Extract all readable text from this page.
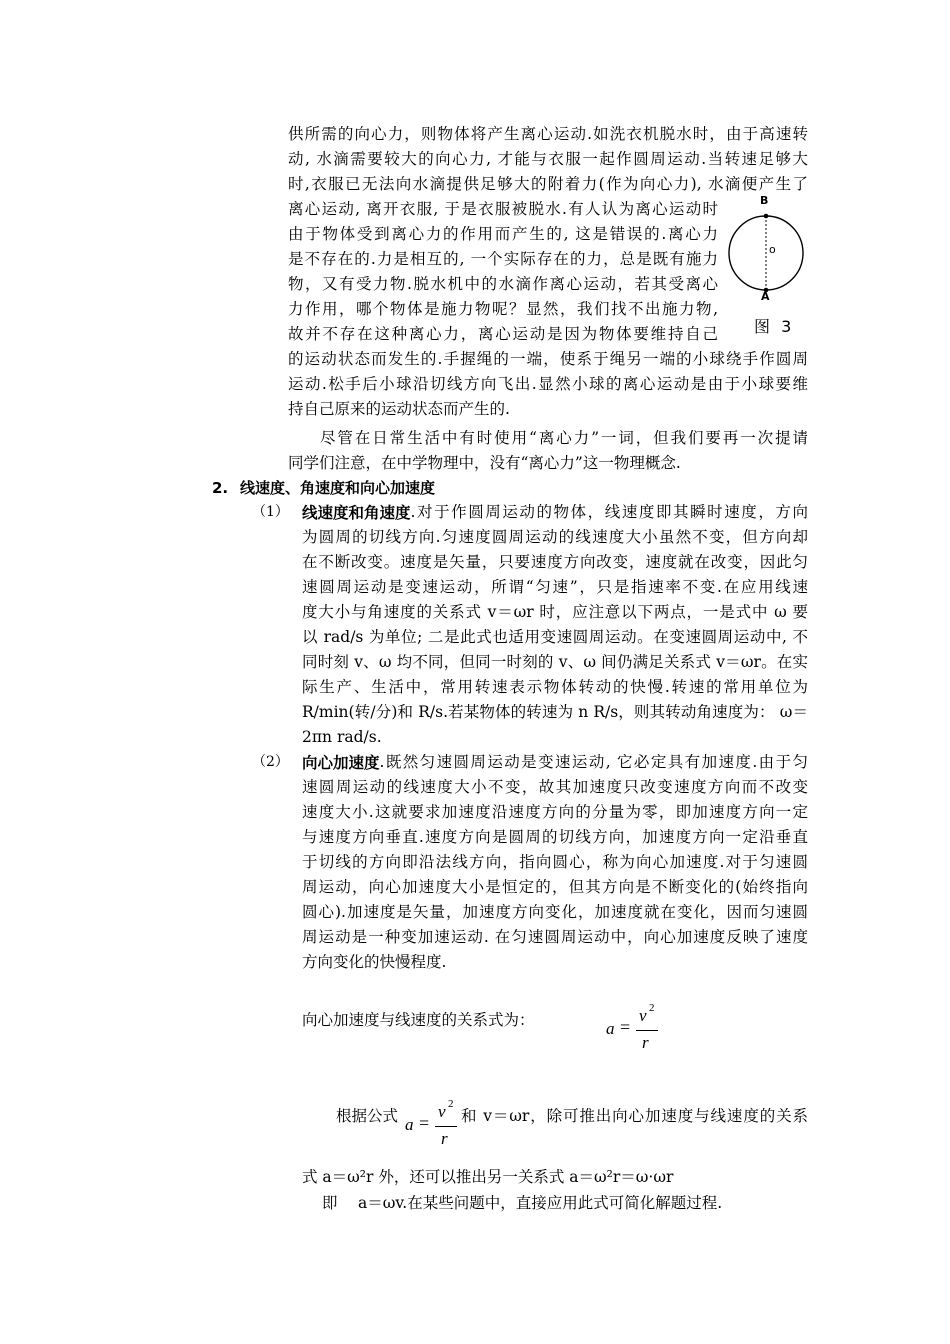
供所需的向心力，则物体将产生离心运动.如洗衣机脱水时，由于高速转
动, 水滴需要较大的向心力, 才能与衣服一起作圆周运动.当转速足够大
时,衣服已无法向水滴提供足够大的附着力(作为向心力), 水滴便产生了
离心运动, 离开衣服, 于是衣服被脱水.有人认为离心运动时
由于物体受到离心力的作用而产生的, 这是错误的.离心力
是不存在的.力是相互的, 一个实际存在的力，总是既有施力
物，又有受力物.脱水机中的水滴作离心运动，若其受离心
力作用，哪个物体是施力物呢？显然，我们找不出施力物,
故并不存在这种离心力，离心运动是因为物体要维持自己
的运动状态而发生的.手握绳的一端，使系于绳另一端的小球绕手作圆周
运动.松手后小球沿切线方向飞出.显然小球的离心运动是由于小球要维
持自己原来的运动状态而产生的.
B
o
A
图 3
尽管在日常生活中有时使用“离心力”一词，但我们要再一次提请
同学们注意，在中学物理中，没有“离心力”这一物理概念.
2. 线速度、角速度和向心加速度
（1） 线速度和角速度 .对于作圆周运动的物体，线速度即其瞬时速度，方向
为圆周的切线方向.匀速度圆周运动的线速度大小虽然不变，但方向却
在不断改变。速度是矢量，只要速度方向改变，速度就在改变，因此匀
速圆周运动是变速运动，所谓“匀速”，只是指速率不变.在应用线速
度大小与角速度的关系式 v＝ωr 时，应注意以下两点，一是式中 ω 要
以 rad/s 为单位; 二是此式也适用变速圆周运动。在变速圆周运动中, 不
同时刻 v、ω 均不同，但同一时刻的 v、ω 间仍满足关系式 v＝ωr。在实
际生产、生活中，常用转速表示物体转动的快慢.转速的常用单位为
R/min(转/分)和 R/s.若某物体的转速为 n R/s，则其转动角速度为： ω＝
2πn rad/s.
（2） 向心加速度 .既然匀速圆周运动是变速运动, 它必定具有加速度.由于匀
速圆周运动的线速度大小不变，故其加速度只改变速度方向而不改变
速度大小.这就要求加速度沿速度方向的分量为零，即加速度方向一定
与速度方向垂直.速度方向是圆周的切线方向，加速度方向一定沿垂直
于切线的方向即沿法线方向，指向圆心，称为向心加速度.对于匀速圆
周运动，向心加速度大小是恒定的，但其方向是不断变化的(始终指向
圆心).加速度是矢量，加速度方向变化，加速度就在变化，因而匀速圆
周运动是一种变加速运动. 在匀速圆周运动中，向心加速度反映了速度
方向变化的快慢程度.
向心加速度与线速度的关系式为：	a =
v 2
r
根据公式 a =
v 2
r
和 v＝ωr，除可推出向心加速度与线速度的关系
式 a＝ω²r 外，还可以推出另一关系式 a＝ω²r＝ω·ωr
即 a＝ωv.在某些问题中，直接应用此式可简化解题过程.
